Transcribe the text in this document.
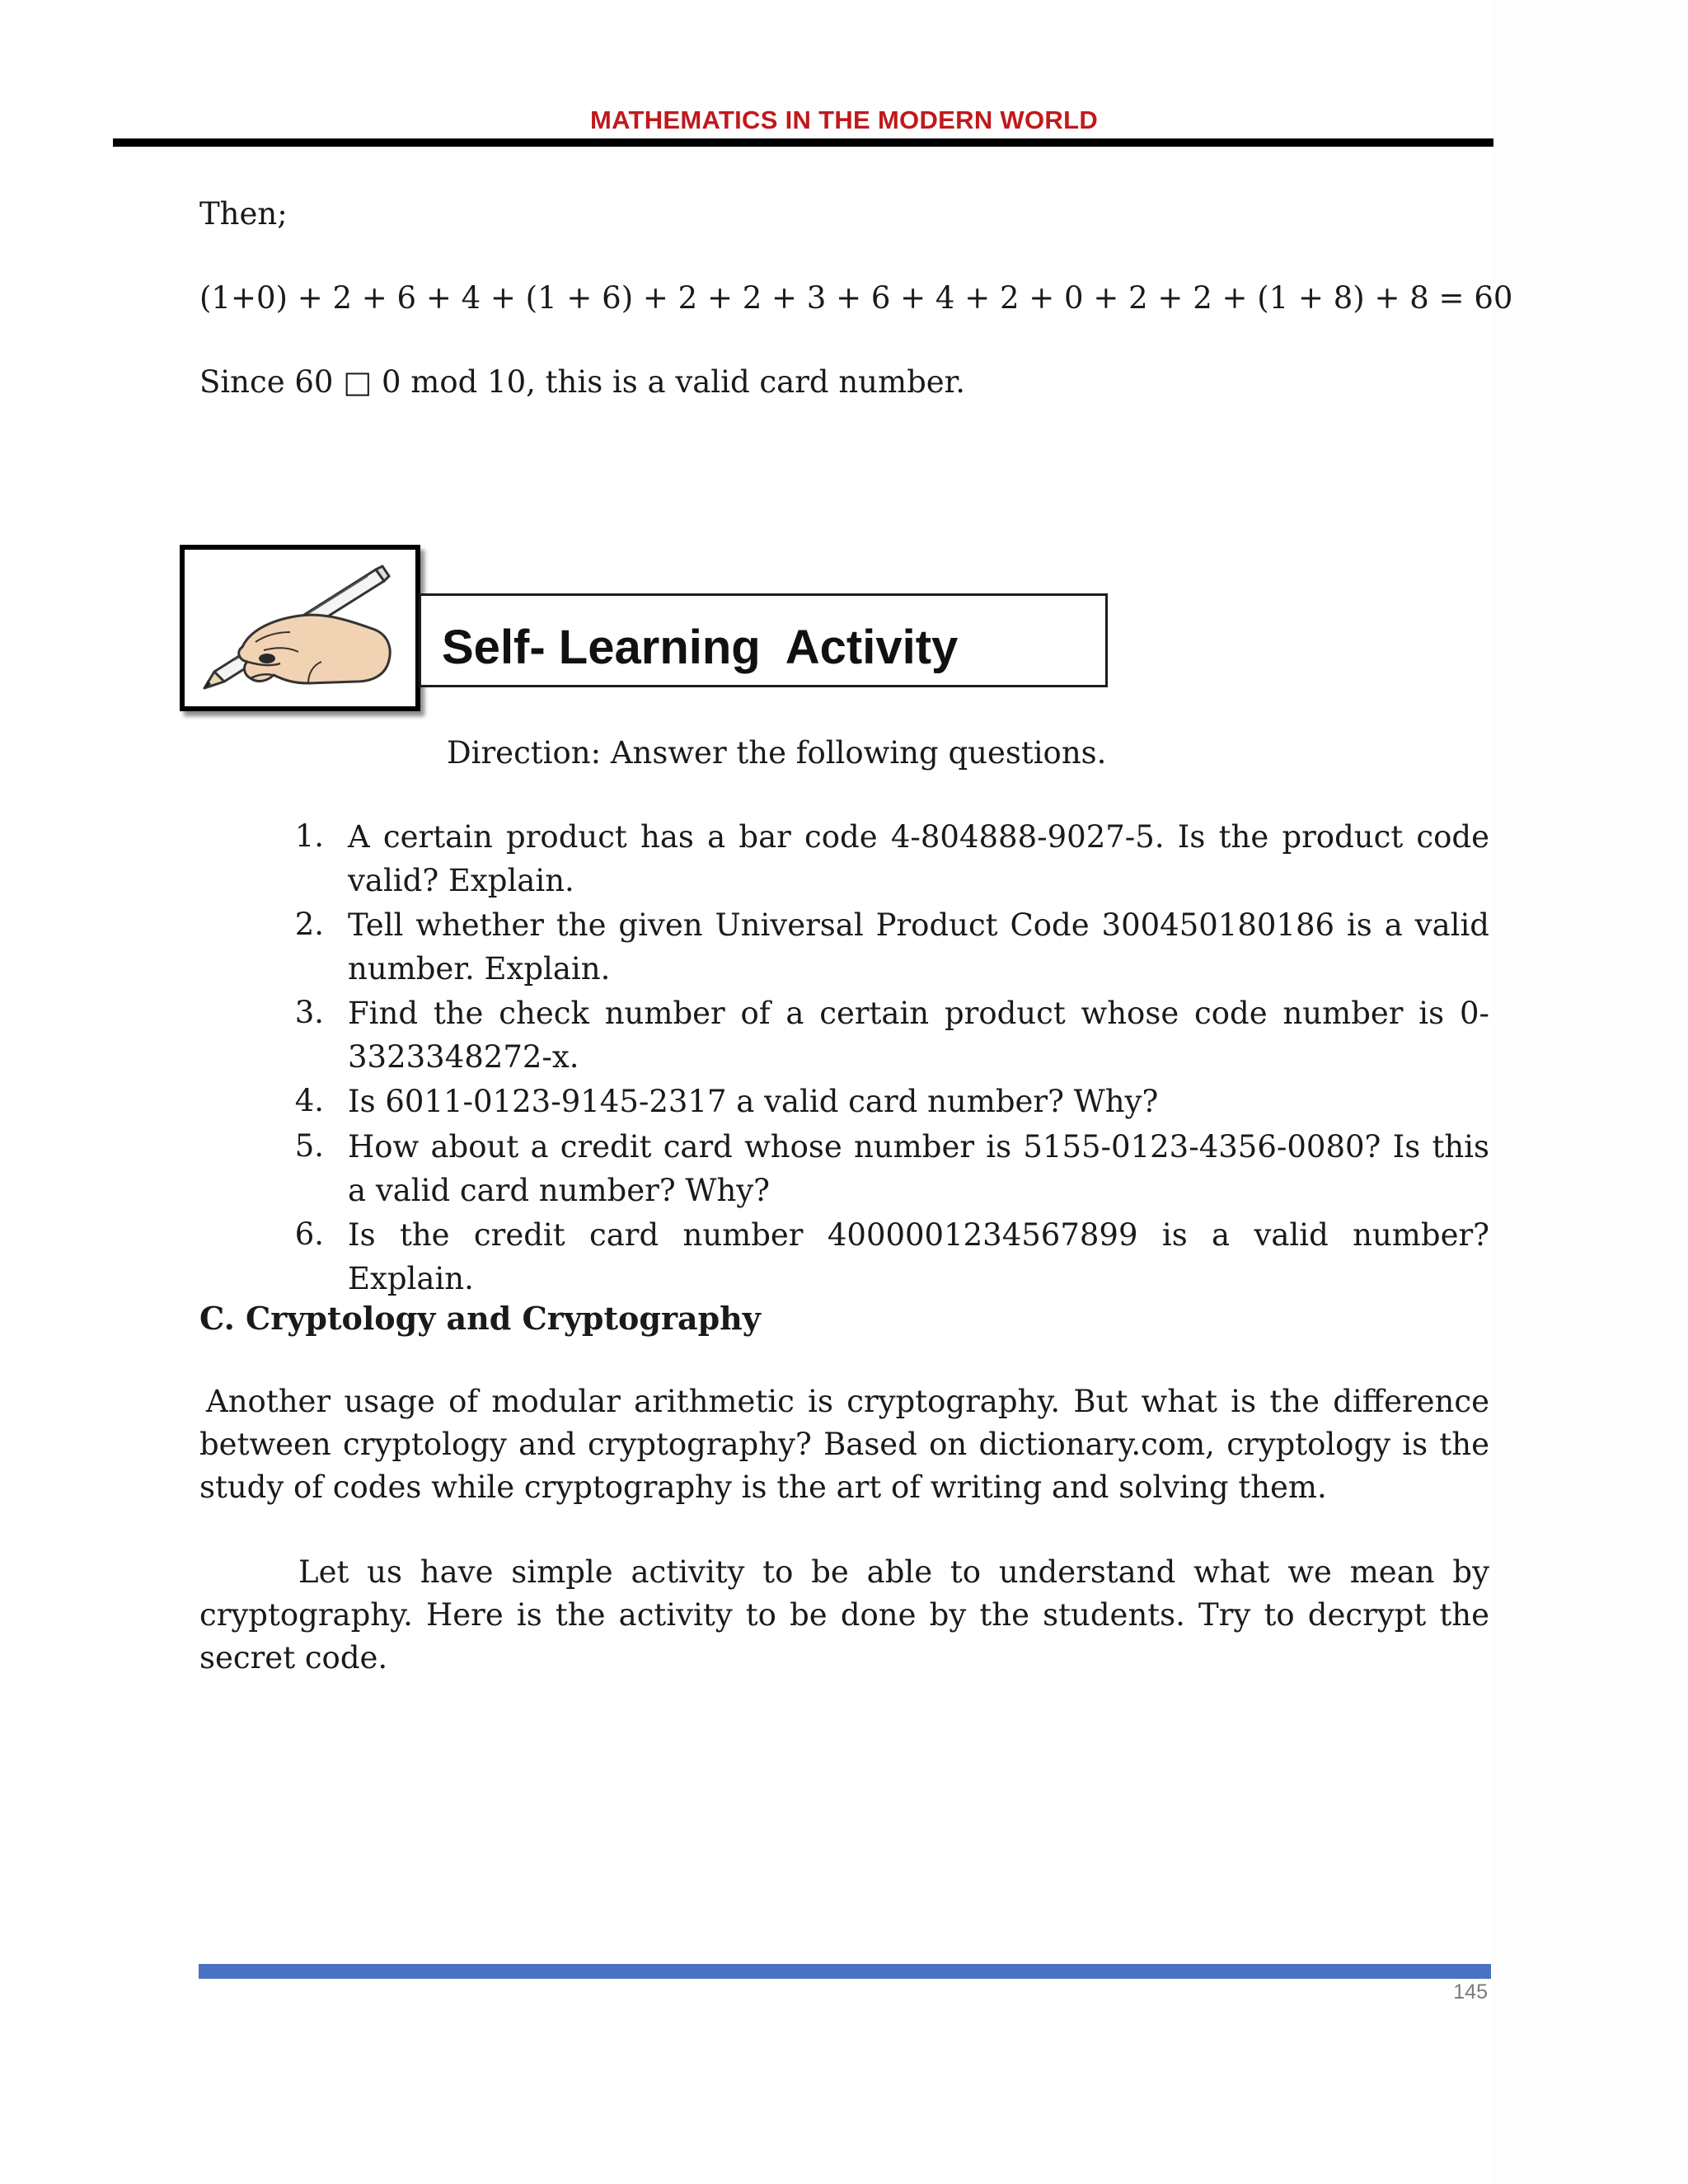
MATHEMATICS IN THE MODERN WORLD
Then;
(1+0) + 2 + 6 + 4 + (1 + 6) + 2 + 2 + 3 + 6 + 4 + 2 + 0 + 2 + 2 + (1 + 8) + 8 = 60
Since 60 □ 0 mod 10, this is a valid card number.
Self- Learning  Activity
Direction: Answer the following questions.
1. A certain product has a bar code 4-804888-9027-5. Is the product code valid? Explain.
2. Tell whether the given Universal Product Code 300450180186 is a valid number. Explain.
3. Find the check number of a certain product whose code number is 0-3323348272-x.
4. Is 6011-0123-9145-2317 a valid card number? Why?
5. How about a credit card whose number is 5155-0123-4356-0080? Is this a valid card number? Why?
6. Is the credit card number 4000001234567899 is a valid number? Explain.
C. Cryptology and Cryptography
Another usage of modular arithmetic is cryptography. But what is the difference between cryptology and cryptography? Based on dictionary.com, cryptology is the study of codes while cryptography is the art of writing and solving them.
Let us have simple activity to be able to understand what we mean by cryptography. Here is the activity to be done by the students. Try to decrypt the secret code.
145
